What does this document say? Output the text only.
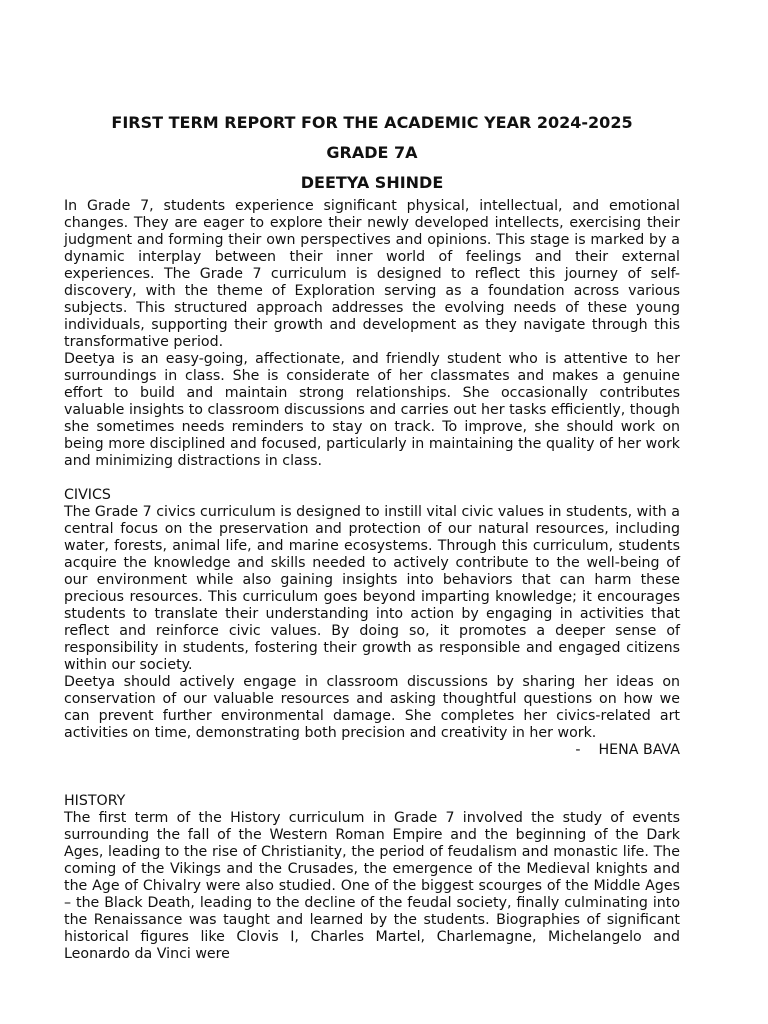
FIRST TERM REPORT FOR THE ACADEMIC YEAR 2024-2025

GRADE 7A

DEETYA SHINDE

In Grade 7, students experience significant physical, intellectual, and emotional changes. They are eager to explore their newly developed intellects, exercising their judgment and forming their own perspectives and opinions. This stage is marked by a dynamic interplay between their inner world of feelings and their external experiences. The Grade 7 curriculum is designed to reflect this journey of self-discovery, with the theme of Exploration serving as a foundation across various subjects. This structured approach addresses the evolving needs of these young individuals, supporting their growth and development as they navigate through this transformative period.

Deetya is an easy-going, affectionate, and friendly student who is attentive to her surroundings in class. She is considerate of her classmates and makes a genuine effort to build and maintain strong relationships. She occasionally contributes valuable insights to classroom discussions and carries out her tasks efficiently, though she sometimes needs reminders to stay on track. To improve, she should work on being more disciplined and focused, particularly in maintaining the quality of her work and minimizing distractions in class.

CIVICS

The Grade 7 civics curriculum is designed to instill vital civic values in students, with a central focus on the preservation and protection of our natural resources, including water, forests, animal life, and marine ecosystems. Through this curriculum, students acquire the knowledge and skills needed to actively contribute to the well-being of our environment while also gaining insights into behaviors that can harm these precious resources. This curriculum goes beyond imparting knowledge; it encourages students to translate their understanding into action by engaging in activities that reflect and reinforce civic values. By doing so, it promotes a deeper sense of responsibility in students, fostering their growth as responsible and engaged citizens within our society.

Deetya should actively engage in classroom discussions by sharing her ideas on conservation of our valuable resources and asking thoughtful questions on how we can prevent further environmental damage. She completes her civics-related art activities on time, demonstrating both precision and creativity in her work.

- HENA BAVA

HISTORY

The first term of the History curriculum in Grade 7 involved the study of events surrounding the fall of the Western Roman Empire and the beginning of the Dark Ages, leading to the rise of Christianity, the period of feudalism and monastic life. The coming of the Vikings and the Crusades, the emergence of the Medieval knights and the Age of Chivalry were also studied. One of the biggest scourges of the Middle Ages – the Black Death, leading to the decline of the feudal society, finally culminating into the Renaissance was taught and learned by the students. Biographies of significant historical figures like Clovis I, Charles Martel, Charlemagne, Michelangelo and Leonardo da Vinci were
